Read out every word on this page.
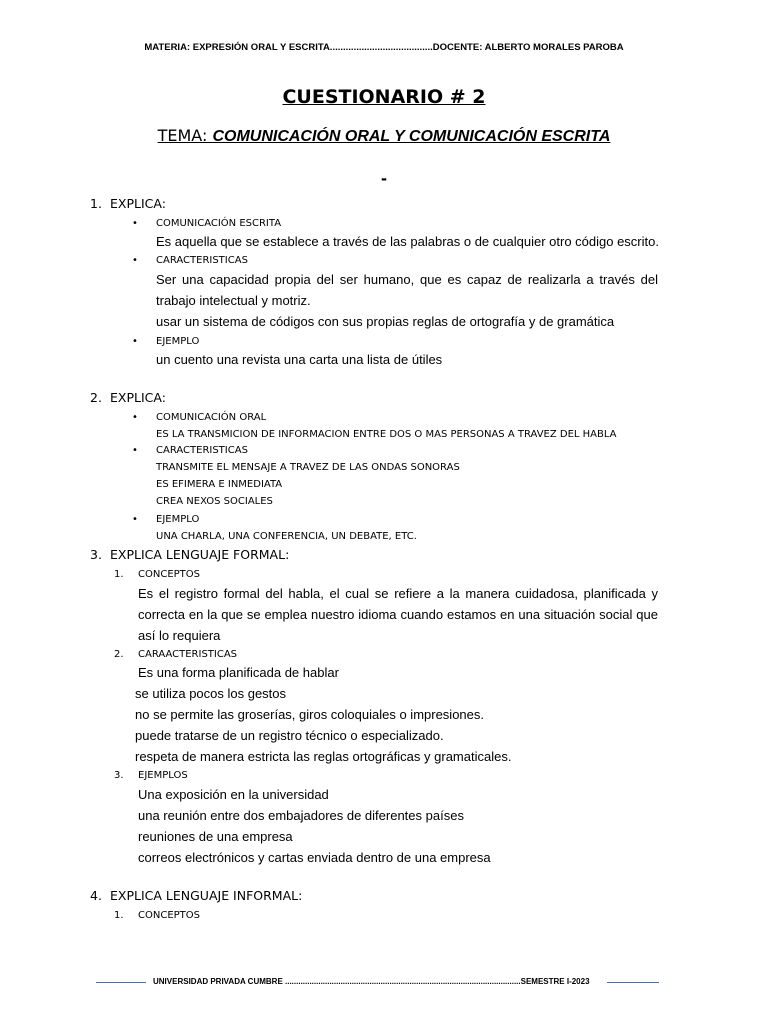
MATERIA: EXPRESIÓN ORAL Y ESCRITA.......................................DOCENTE: ALBERTO MORALES PAROBA
CUESTIONARIO # 2
TEMA: COMUNICACIÓN ORAL Y COMUNICACIÓN ESCRITA
-
1. EXPLICA:
• COMUNICACIÓN ESCRITA
Es aquella que se establece a través de las palabras o de cualquier otro código escrito.
• CARACTERISTICAS
Ser una capacidad propia del ser humano, que es capaz de realizarla a través del trabajo intelectual y motriz.
usar un sistema de códigos con sus propias reglas de ortografía y de gramática
• EJEMPLO
un cuento una revista una carta una lista de útiles
2. EXPLICA:
• COMUNICACIÓN ORAL
ES LA TRANSMICION DE INFORMACION ENTRE DOS O MAS PERSONAS A TRAVEZ DEL HABLA
• CARACTERISTICAS
TRANSMITE EL MENSAJE A TRAVEZ DE LAS ONDAS SONORAS
ES EFIMERA E INMEDIATA
CREA NEXOS SOCIALES
• EJEMPLO
UNA CHARLA, UNA CONFERENCIA, UN DEBATE, ETC.
3. EXPLICA LENGUAJE FORMAL:
1. CONCEPTOS
Es el registro formal del habla, el cual se refiere a la manera cuidadosa, planificada y correcta en la que se emplea nuestro idioma cuando estamos en una situación social que así lo requiera
2. CARAACTERISTICAS
Es una forma planificada de hablar
se utiliza pocos los gestos
no se permite las groserías, giros coloquiales o impresiones.
puede tratarse de un registro técnico o especializado.
respeta de manera estricta las reglas ortográficas y gramaticales.
3. EJEMPLOS
Una exposición en la universidad
una reunión entre dos embajadores de diferentes países
reuniones de una empresa
correos electrónicos y cartas enviada dentro de una empresa
4. EXPLICA LENGUAJE INFORMAL:
1. CONCEPTOS
UNIVERSIDAD PRIVADA CUMBRE ..........................................................................................................SEMESTRE I-2023
